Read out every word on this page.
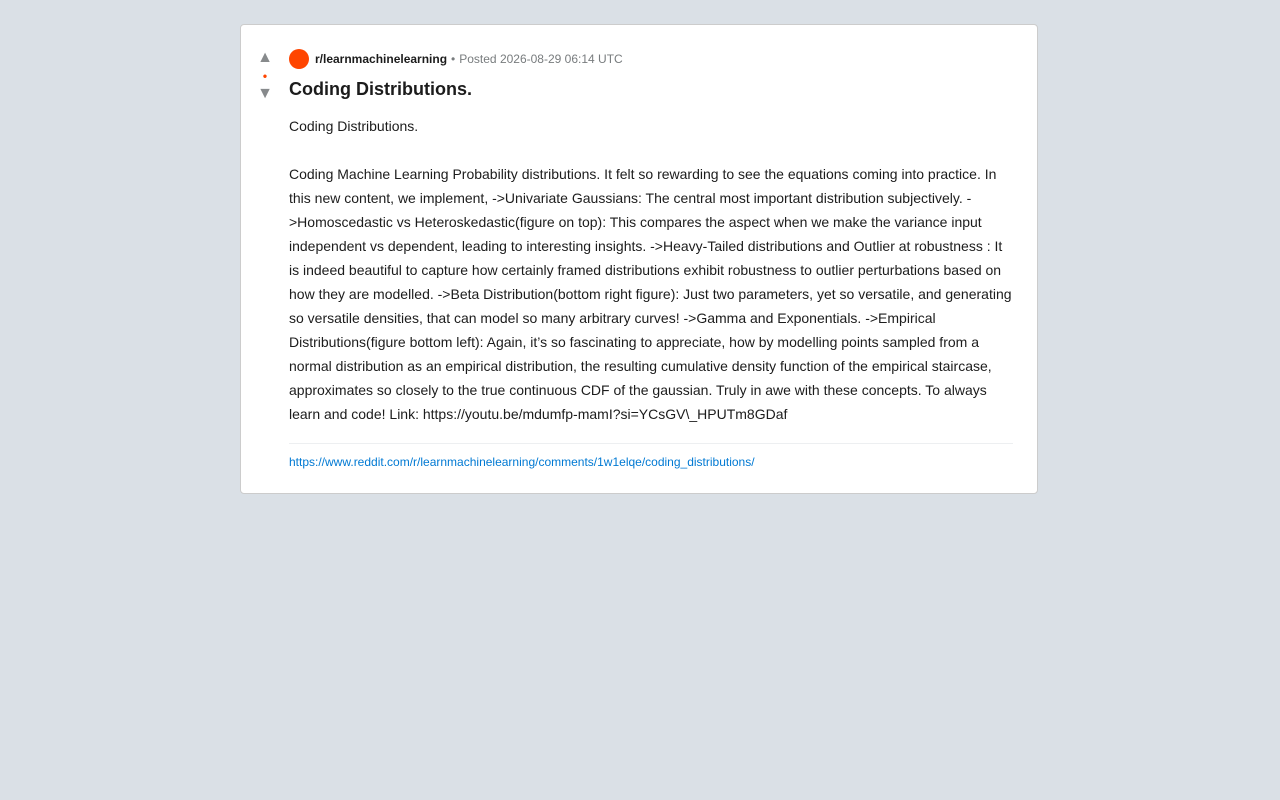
▲
•
▼
r/learnmachinelearning • Posted 2026-08-29 06:14 UTC
Coding Distributions.

Coding Distributions.

Coding Machine Learning Probability distributions. It felt so rewarding to see the equations coming into practice. In this new content, we implement, ->Univariate Gaussians: The central most important distribution subjectively. ->Homoscedastic vs Heteroskedastic(figure on top): This compares the aspect when we make the variance input independent vs dependent, leading to interesting insights. ->Heavy-Tailed distributions and Outlier at robustness : It is indeed beautiful to capture how certainly framed distributions exhibit robustness to outlier perturbations based on how they are modelled. ->Beta Distribution(bottom right figure): Just two parameters, yet so versatile, and generating so versatile densities, that can model so many arbitrary curves! ->Gamma and Exponentials. ->Empirical Distributions(figure bottom left): Again, it’s so fascinating to appreciate, how by modelling points sampled from a normal distribution as an empirical distribution, the resulting cumulative density function of the empirical staircase, approximates so closely to the true continuous CDF of the gaussian. Truly in awe with these concepts. To always learn and code! Link: https://youtu.be/mdumfp-mamI?si=YCsGV\_HPUTm8GDaf

https://www.reddit.com/r/learnmachinelearning/comments/1w1elqe/coding_distributions/
